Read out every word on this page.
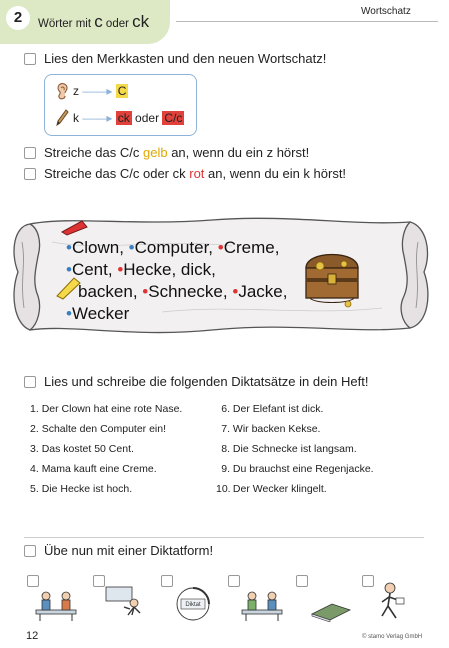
2	Wörter mit c oder ck
Wortschatz
Lies den Merkkasten und den neuen Wortschatz!
z ——▸ C
k ——▸ ck oder C/c
Streiche das C/c gelb an, wenn du ein z hörst!
Streiche das C/c oder ck rot an, wenn du ein k hörst!
•Clown, •Computer, •Creme,
•Cent, •Hecke, dick,
backen, •Schnecke, •Jacke,
•Wecker
Lies und schreibe die folgenden Diktatsätze in dein Heft!
1. Der Clown hat eine rote Nase.
2. Schalte den Computer ein!
3. Das kostet 50 Cent.
4. Mama kauft eine Creme.
5. Die Hecke ist hoch.
6. Der Elefant ist dick.
7. Wir backen Kekse.
8. Die Schnecke ist langsam.
9. Du brauchst eine Regenjacke.
10. Der Wecker klingelt.
Übe nun mit einer Diktatform!
Diktat
12	© stamo Verlag GmbH
